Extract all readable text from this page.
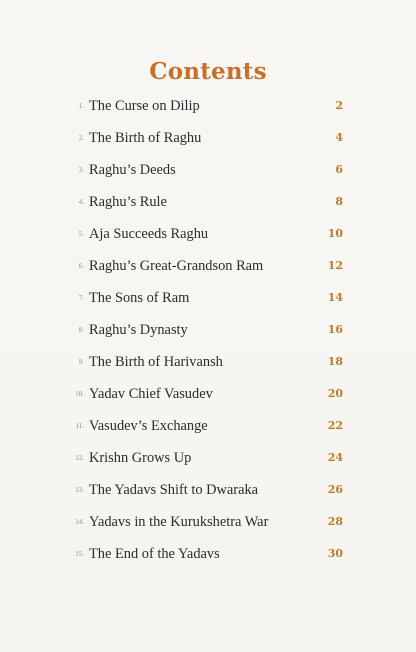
Contents
1. The Curse on Dilip	2
2. The Birth of Raghu	4
3. Raghu’s Deeds	6
4. Raghu’s Rule	8
5. Aja Succeeds Raghu	10
6. Raghu’s Great-Grandson Ram	12
7. The Sons of Ram	14
8. Raghu’s Dynasty	16
9. The Birth of Harivansh	18
10. Yadav Chief Vasudev	20
11. Vasudev’s Exchange	22
12. Krishn Grows Up	24
13. The Yadavs Shift to Dwaraka	26
14. Yadavs in the Kurukshetra War	28
15. The End of the Yadavs	30
